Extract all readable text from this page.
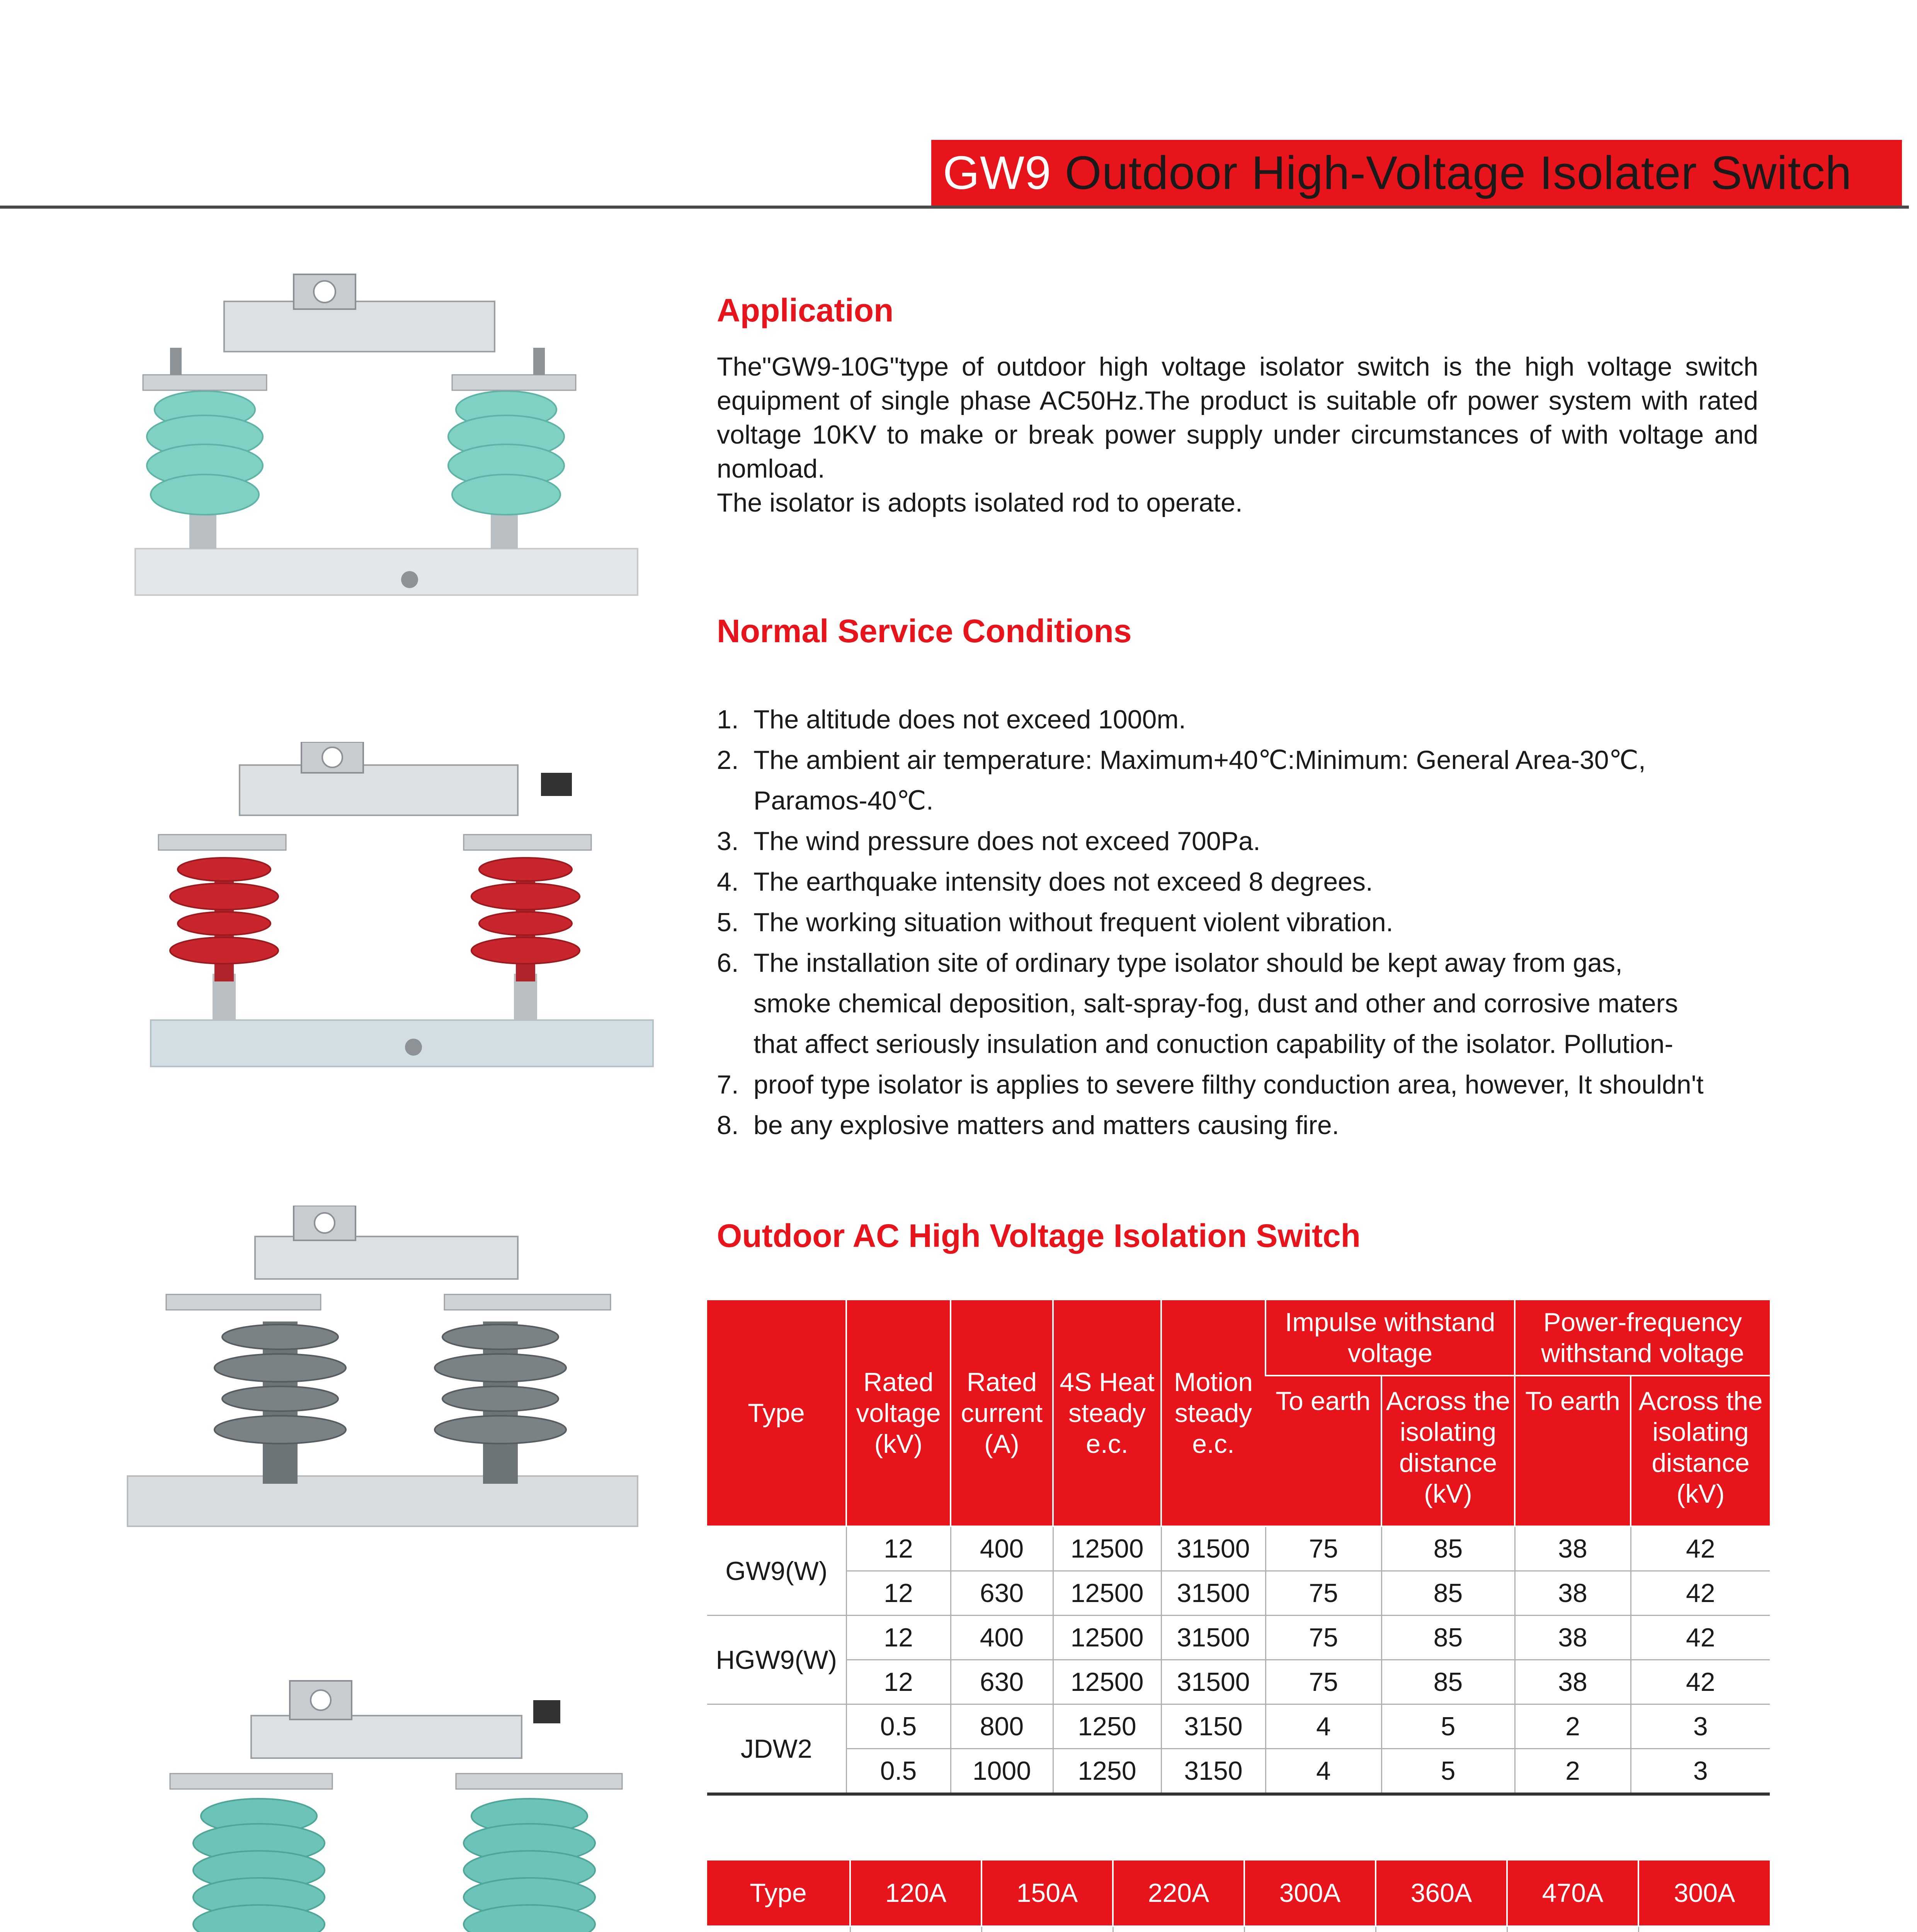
GW9 Outdoor High-Voltage Isolater Switch
Application
The"GW9-10G"type of outdoor high voltage isolator switch is the high voltage switch equipment of single phase AC50Hz.The product is suitable ofr power system with rated voltage 10KV to make or break power supply under circumstances of with voltage and nomload.
The isolator is adopts isolated rod to operate.
Normal Service Conditions
1. The altitude does not exceed 1000m.
2. The ambient air temperature: Maximum+40℃:Minimum: General Area-30℃,
Paramos-40℃.
3. The wind pressure does not exceed 700Pa.
4. The earthquake intensity does not exceed 8 degrees.
5. The working situation without frequent violent vibration.
6. The installation site of ordinary type isolator should be kept away from gas,
smoke chemical deposition, salt-spray-fog, dust and other and corrosive maters
that affect seriously insulation and conuction capability of the isolator. Pollution-
7. proof type isolator is applies to severe filthy conduction area, however, It shouldn't
8. be any explosive matters and matters causing fire.
Outdoor AC High Voltage Isolation Switch
Type	Rated voltage (kV)	Rated current (A)	4S Heat steady e.c.	Motion steady e.c.	Impulse withstand voltage		Power-frequency withstand voltage	
					To earth	Across the isolating distance (kV)	To earth	Across the isolating distance (kV)
GW9(W)	12	400	12500	31500	75	85	38	42
	12	630	12500	31500	75	85	38	42
HGW9(W)	12	400	12500	31500	75	85	38	42
	12	630	12500	31500	75	85	38	42
JDW2	0.5	800	1250	3150	4	5	2	3
	0.5	1000	1250	3150	4	5	2	3
Type	120A	150A	220A	300A	360A	470A	300A
